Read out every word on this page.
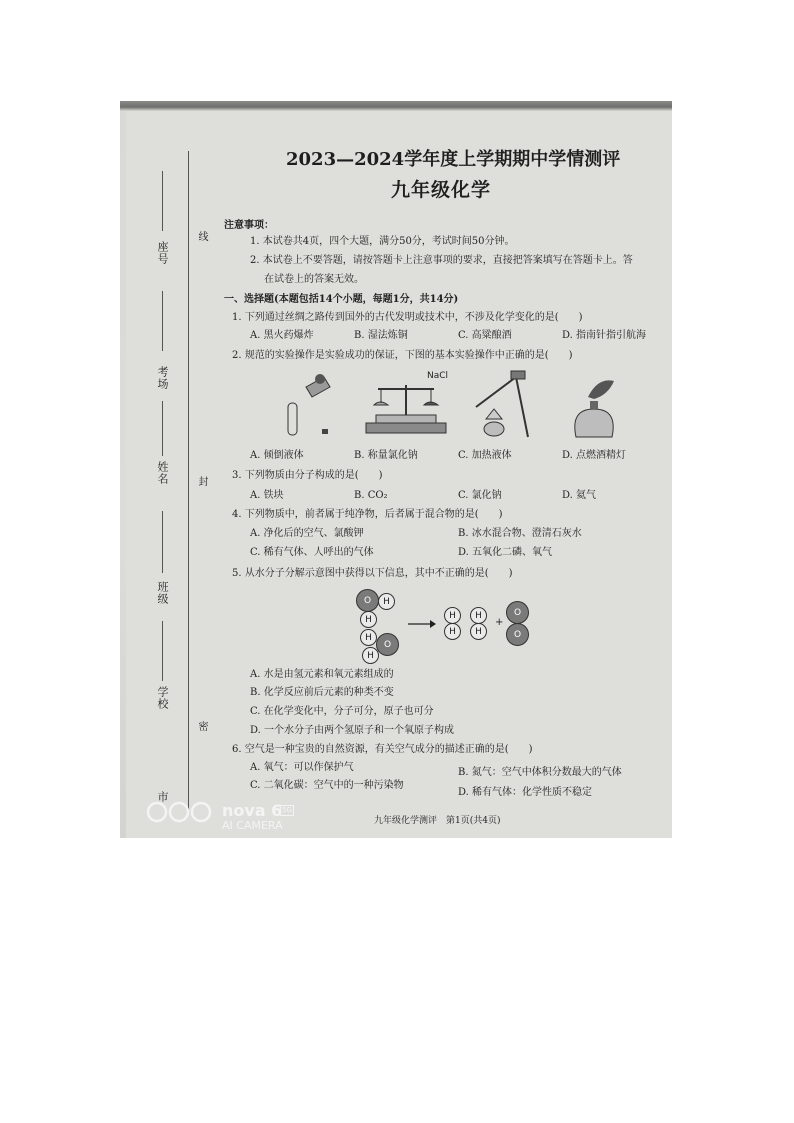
座号
线
考场
姓名	封
班级
学校
密
市
2023—2024学年度上学期期中学情测评
九年级化学
注意事项：
1. 本试卷共4页，四个大题，满分50分，考试时间50分钟。
2. 本试卷上不要答题，请按答题卡上注意事项的要求，直接把答案填写在答题卡上。答
在试卷上的答案无效。
一、选择题(本题包括14个小题，每题1分，共14分)
1. 下列通过丝绸之路传到国外的古代发明或技术中，不涉及化学变化的是(　　)
A. 黑火药爆炸	B. 湿法炼铜	C. 高粱酿酒	D. 指南针指引航海
2. 规范的实验操作是实验成功的保证，下图的基本实验操作中正确的是(　　)
NaCl
A. 倾倒液体	B. 称量氯化钠	C. 加热液体	D. 点燃酒精灯
3. 下列物质由分子构成的是(　　)
A. 铁块	B. CO₂	C. 氯化钠	D. 氦气
4. 下列物质中，前者属于纯净物，后者属于混合物的是(　　)
A. 净化后的空气、氯酸钾	B. 冰水混合物、澄清石灰水
C. 稀有气体、人呼出的气体	D. 五氧化二磷、氧气
5. 从水分子分解示意图中获得以下信息，其中不正确的是(　　)
O	H
H
H
O
H
H
H
H
H
+
O
O
A. 水是由氢元素和氧元素组成的
B. 化学反应前后元素的种类不变
C. 在化学变化中，分子可分，原子也可分
D. 一个水分子由两个氢原子和一个氧原子构成
6. 空气是一种宝贵的自然资源，有关空气成分的描述正确的是(　　)
A. 氧气：可以作保护气	B. 氮气：空气中体积分数最大的气体
C. 二氧化碳：空气中的一种污染物
D. 稀有气体：化学性质不稳定
九年级化学测评　第1页(共4页)
nova 6 5G
AI CAMERA
